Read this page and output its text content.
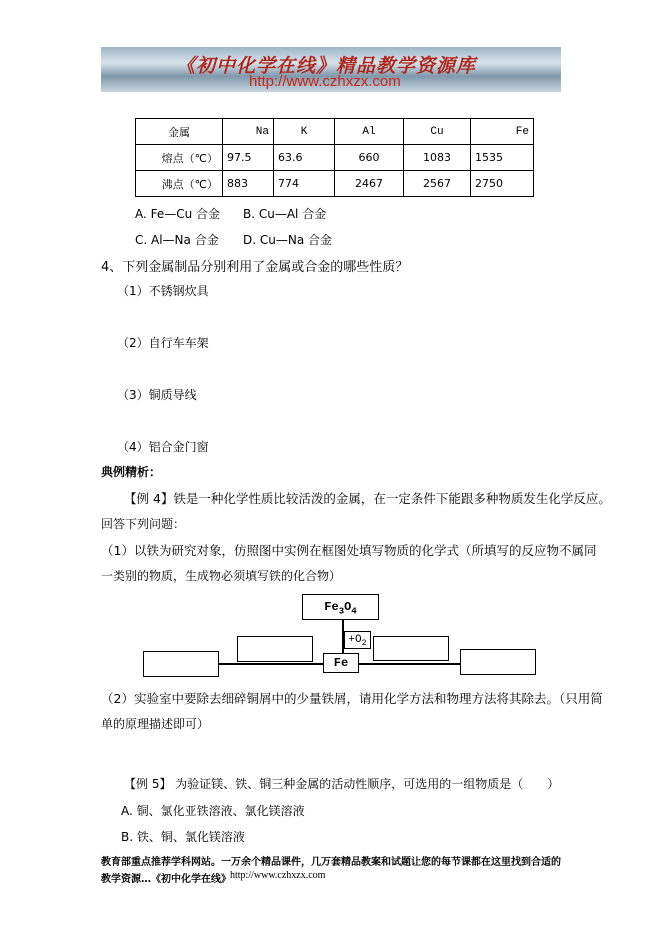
《初中化学在线》精品教学资源库
http://www.czhxzx.com
金属	Na	K	Al	Cu	Fe
熔点（℃）	97.5	63.6	660	1083	1535
沸点（℃）	883	774	2467	2567	2750
A. Fe—Cu 合金 B. Cu—Al 合金
C. Al—Na 合金 D. Cu—Na 合金
4、下列金属制品分别利用了金属或合金的哪些性质？
（1）不锈钢炊具
（2）自行车车架
（3）铜质导线
（4）铝合金门窗
典例精析：
【例 4】铁是一种化学性质比较活泼的金属，在一定条件下能跟多种物质发生化学反应。
回答下列问题：
（1）以铁为研究对象，仿照图中实例在框图处填写物质的化学式（所填写的反应物不属同
一类别的物质，生成物必须填写铁的化合物）
$Fe_3O_4$
$+O_2$
Fe
（2）实验室中要除去细碎铜屑中的少量铁屑，请用化学方法和物理方法将其除去。（只用简
单的原理描述即可）
【例 5】 为验证镁、铁、铜三种金属的活动性顺序，可选用的一组物质是（　　）
A. 铜、氯化亚铁溶液、氯化镁溶液
B. 铁、铜、氯化镁溶液
教育部重点推荐学科网站。一万余个精品课件，几万套精品教案和试题让您的每节课都在这里找到合适的
教学资源…《初中化学在线》 http://www.czhxzx.com
